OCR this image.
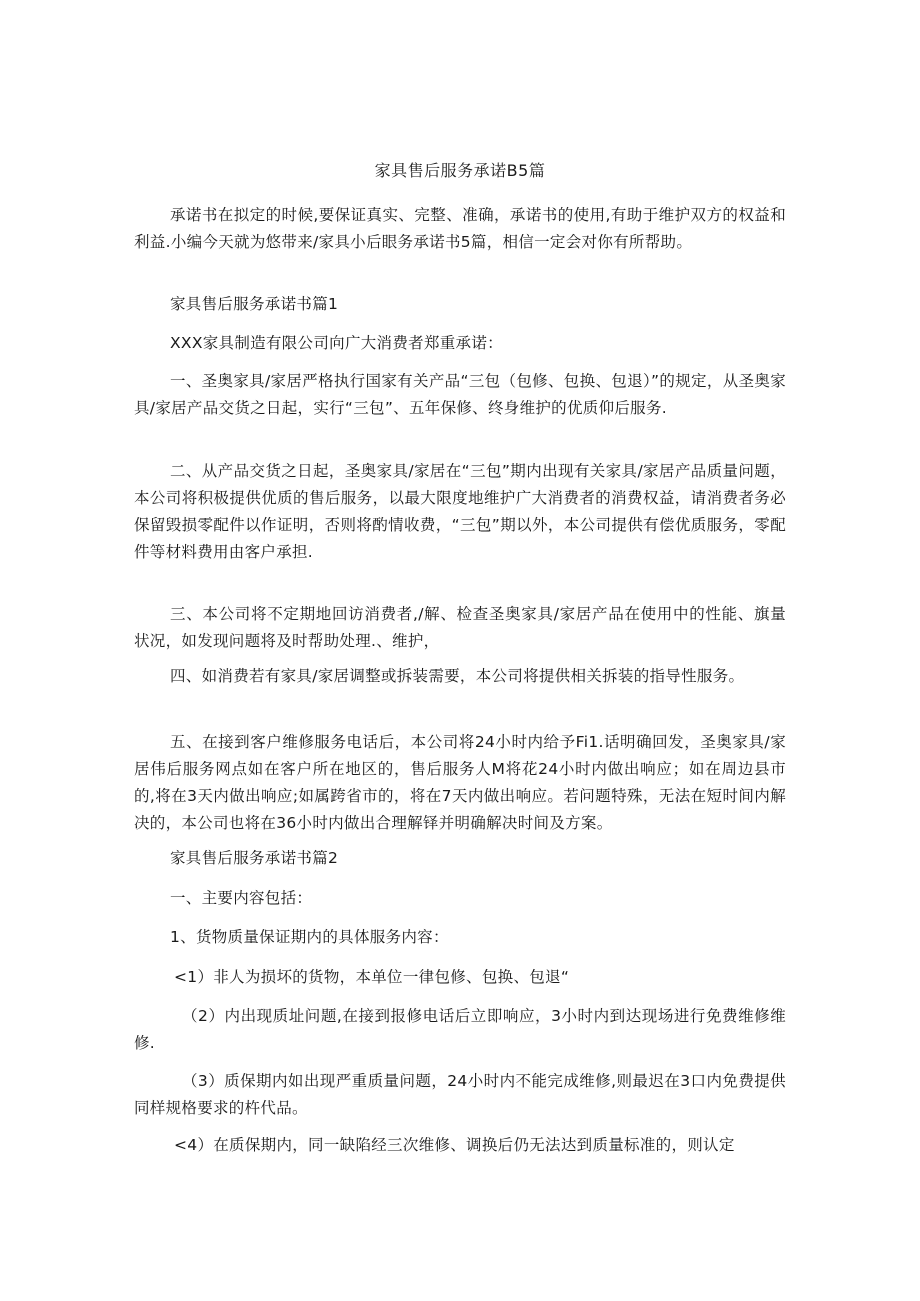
家具售后服务承诺B5篇

承诺书在拟定的时候,要保证真实、完整、准确，承诺书的使用,有助于维护双方的权益和利益.小编今天就为悠带来/家具小后眼务承诺书5篇，相信一定会对你有所帮助。

家具售后服务承诺书篇1

XXX家具制造有限公司向广大消费者郑重承诺：

一、圣奥家具/家居严格执行国家有关产品“三包（包修、包换、包退）”的规定，从圣奥家具/家居产品交货之日起，实行“三包”、五年保修、终身维护的优质仰后服务.

二、从产品交货之日起，圣奥家具/家居在“三包”期内出现有关家具/家居产品质量问题，本公司将积极提供优质的售后服务，以最大限度地维护广大消费者的消费权益，请消费者务必保留毁损零配件以作证明，否则将酌情收费，“三包”期以外，本公司提供有偿优质服务，零配件等材料费用由客户承担.

三、本公司将不定期地回访消费者,/解、检查圣奥家具/家居产品在使用中的性能、旗量状况，如发现问题将及时帮助处理.、维护，

四、如消费若有家具/家居调整或拆装需要，本公司将提供相关拆装的指导性服务。

五、在接到客户维修服务电话后，本公司将24小时内给予Fi1.话明确回发，圣奥家具/家居伟后服务网点如在客户所在地区的，售后服务人M将花24小时内做出响应；如在周边县市的,将在3天内做出响应;如属跨省市的，将在7天内做出响应。若问题特殊，无法在短时间内解决的，本公司也将在36小时内做出合理解铎并明确解决时间及方案。

家具售后服务承诺书篇2

一、主要内容包括：

1、货物质量保证期内的具体服务内容：

<1）非人为损坏的货物，本单位一律包修、包换、包退“

（2）内出现质址问题,在接到报修电话后立即响应，3小时内到达现场进行免费维修维修.

（3）质保期内如出现严重质量问题，24小时内不能完成维修,则最迟在3口内免费提供同样规格要求的杵代品。

<4）在质保期内，同一缺陷经三次维修、调换后仍无法达到质量标准的，则认定
